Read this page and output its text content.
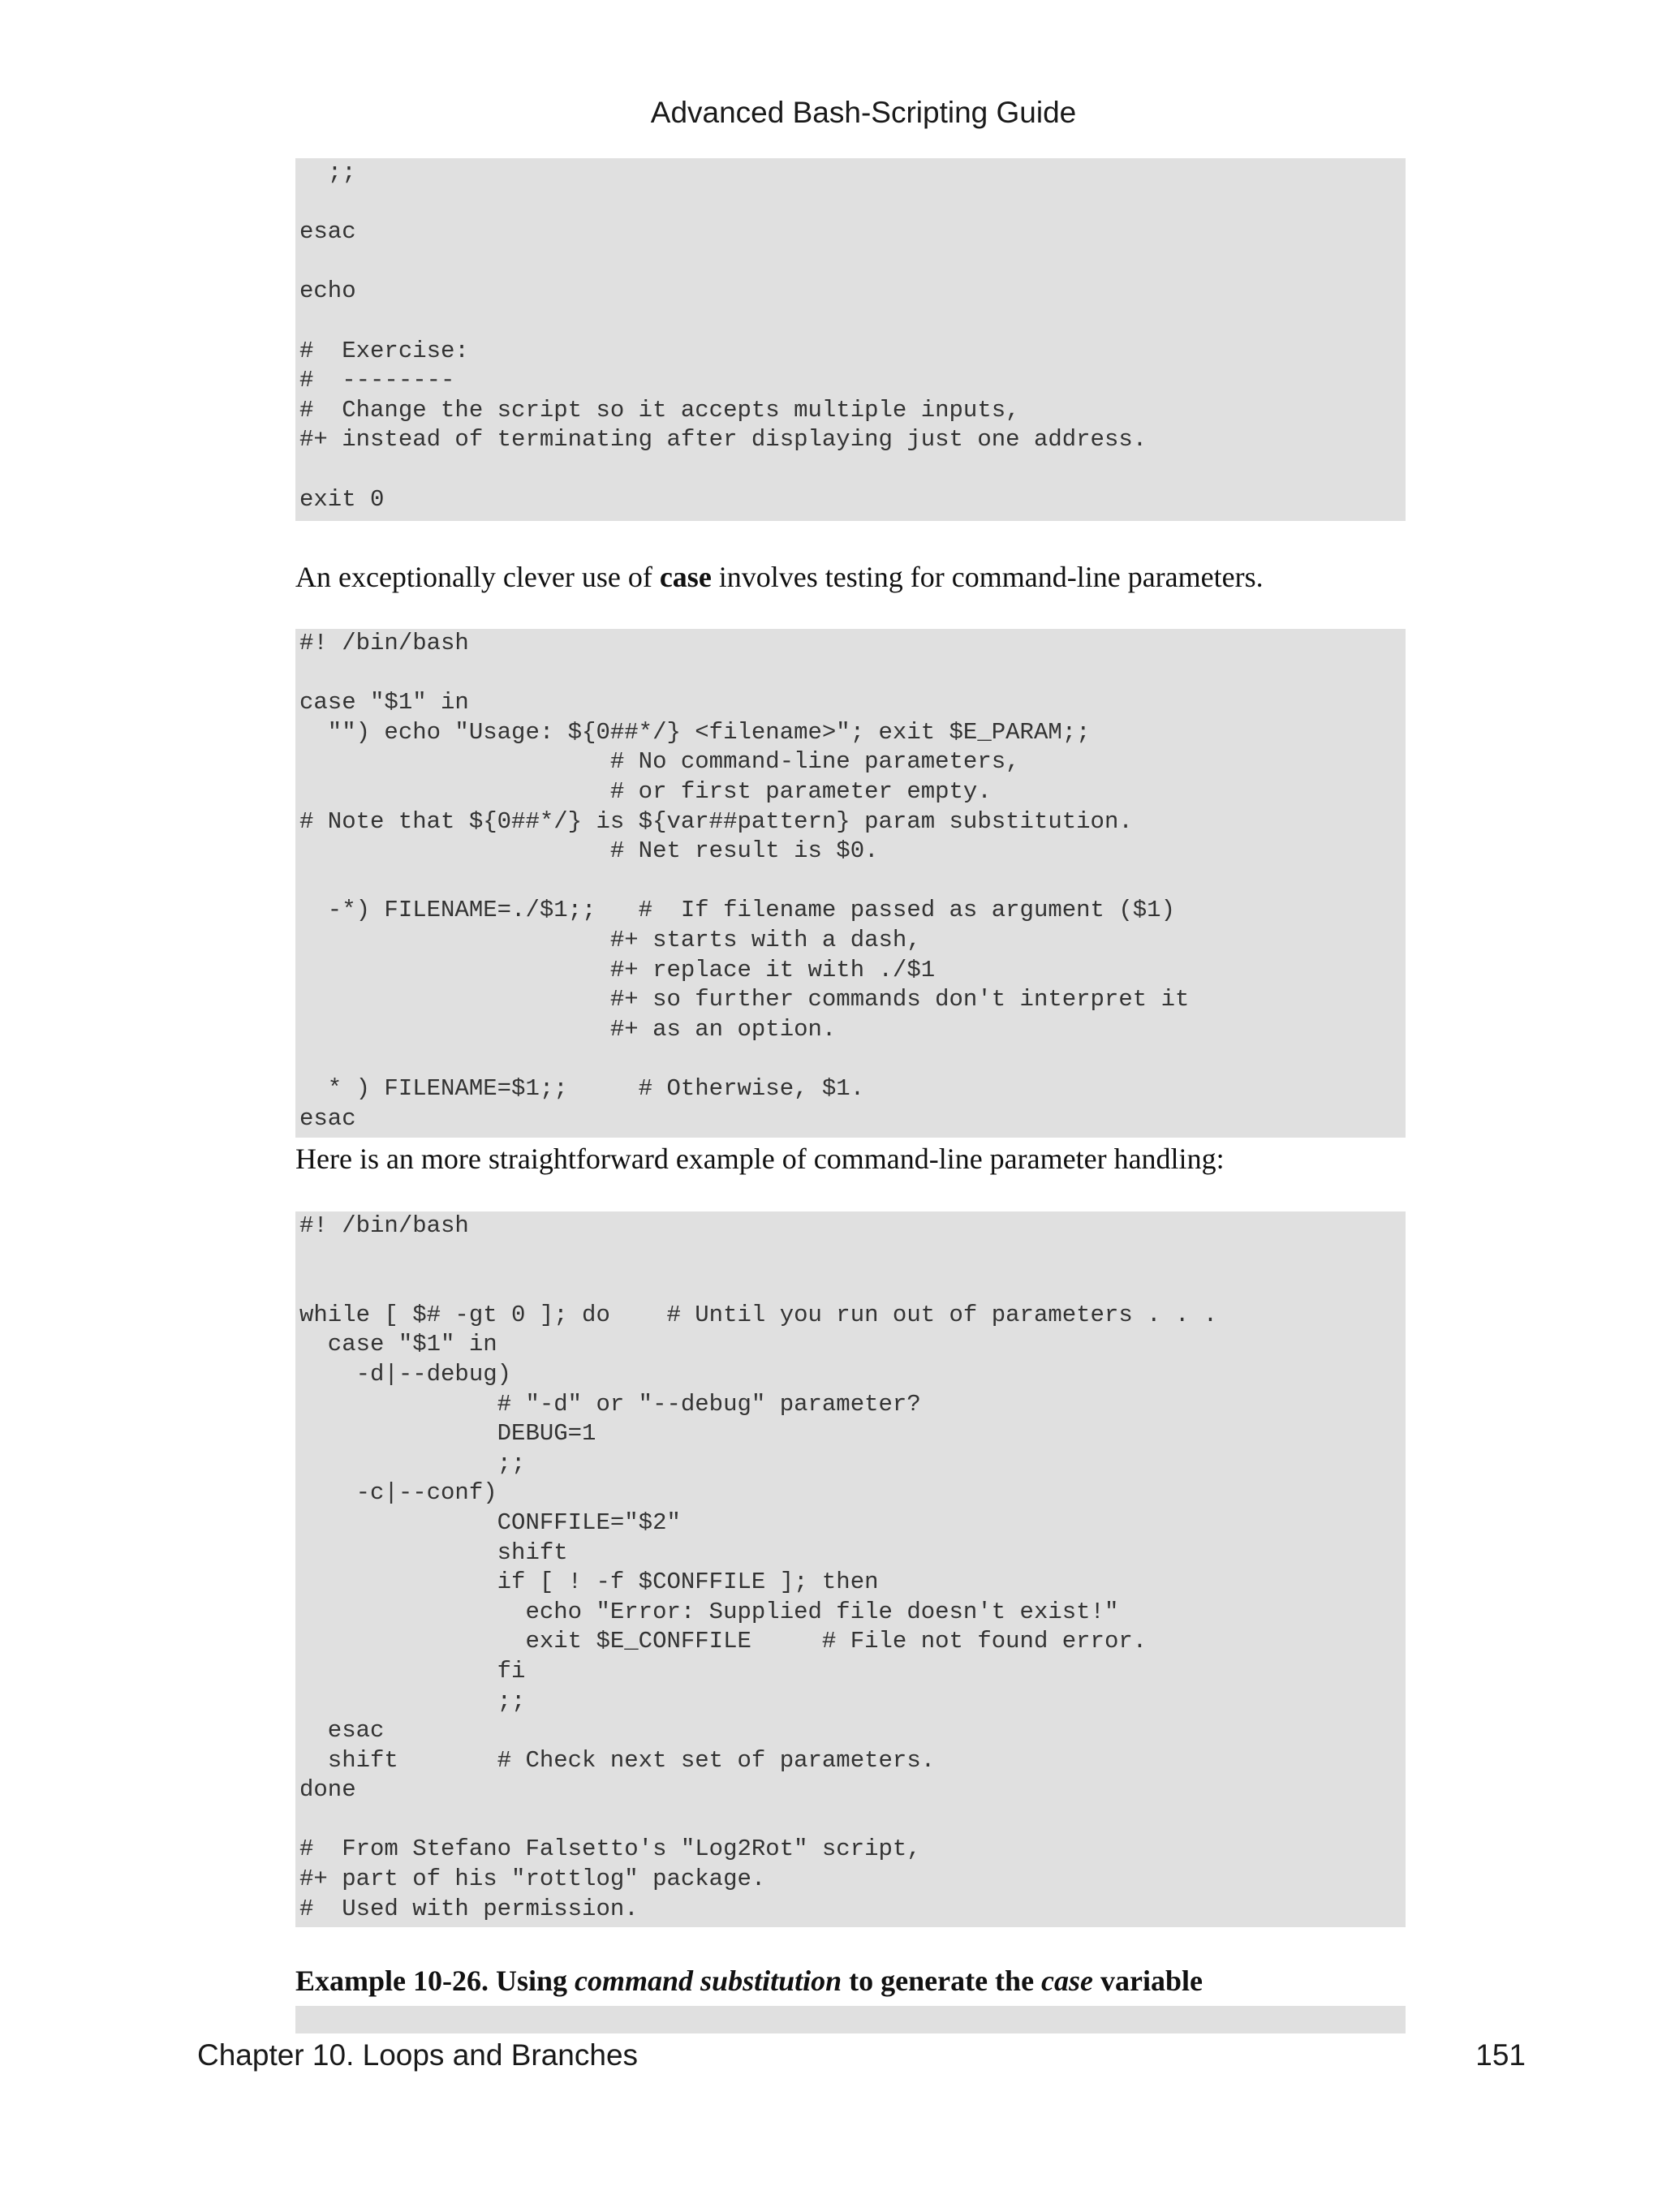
Advanced Bash-Scripting Guide
;;

esac

echo

#  Exercise:
#  --------
#  Change the script so it accepts multiple inputs,
#+ instead of terminating after displaying just one address.

exit 0
An exceptionally clever use of case involves testing for command-line parameters.
#! /bin/bash

case "$1" in
"") echo "Usage: ${0##*/} <filename>"; exit $E_PARAM;;
# No command-line parameters,
# or first parameter empty.
# Note that ${0##*/} is ${var##pattern} param substitution.
# Net result is $0.

-*) FILENAME=./$1;;   #  If filename passed as argument ($1)
#+ starts with a dash,
#+ replace it with ./$1
#+ so further commands don't interpret it
#+ as an option.

* ) FILENAME=$1;;     # Otherwise, $1.
esac
Here is an more straightforward example of command-line parameter handling:
#! /bin/bash

while [ $# -gt 0 ]; do    # Until you run out of parameters . . .
case "$1" in
-d|--debug)
# "-d" or "--debug" parameter?
DEBUG=1
;;
-c|--conf)
CONFFILE="$2"
shift
if [ ! -f $CONFFILE ]; then
echo "Error: Supplied file doesn't exist!"
exit $E_CONFFILE     # File not found error.
fi
;;
esac
shift       # Check next set of parameters.
done

#  From Stefano Falsetto's "Log2Rot" script,
#+ part of his "rottlog" package.
#  Used with permission.
Example 10-26. Using command substitution to generate the case variable
Chapter 10. Loops and Branches	151
